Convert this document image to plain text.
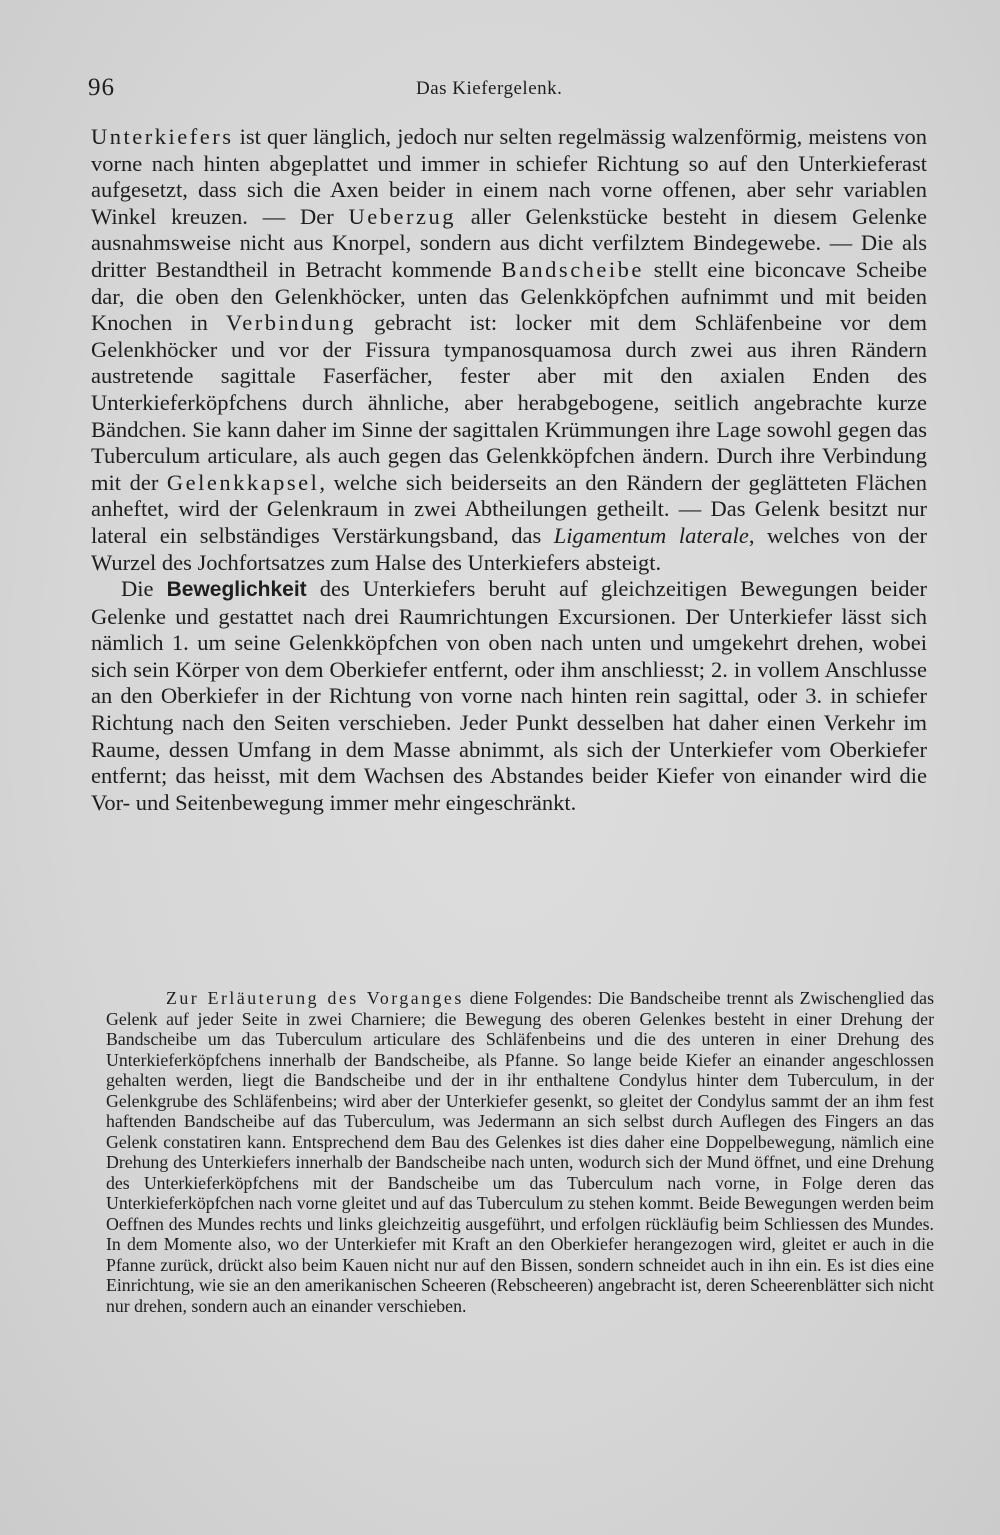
96	Das Kiefergelenk.

Unterkiefers ist quer länglich, jedoch nur selten regelmässig walzenförmig, meistens von vorne nach hinten abgeplattet und immer in schiefer Richtung so auf den Unterkieferast aufgesetzt, dass sich die Axen beider in einem nach vorne offenen, aber sehr variablen Winkel kreuzen. — Der Ueberzug aller Gelenkstücke besteht in diesem Gelenke ausnahmsweise nicht aus Knorpel, sondern aus dicht verfilztem Bindegewebe. — Die als dritter Bestandtheil in Betracht kommende Bandscheibe stellt eine biconcave Scheibe dar, die oben den Gelenkhöcker, unten das Gelenkköpfchen aufnimmt und mit beiden Knochen in Verbindung gebracht ist: locker mit dem Schläfenbeine vor dem Gelenkhöcker und vor der Fissura tympanosquamosa durch zwei aus ihren Rändern austretende sagittale Faserfächer, fester aber mit den axialen Enden des Unterkieferköpfchens durch ähnliche, aber herabgebogene, seitlich angebrachte kurze Bändchen. Sie kann daher im Sinne der sagittalen Krümmungen ihre Lage sowohl gegen das Tuberculum articulare, als auch gegen das Gelenkköpfchen ändern. Durch ihre Verbindung mit der Gelenkkapsel, welche sich beiderseits an den Rändern der geglätteten Flächen anheftet, wird der Gelenkraum in zwei Abtheilungen getheilt. — Das Gelenk besitzt nur lateral ein selbständiges Verstärkungsband, das Ligamentum laterale, welches von der Wurzel des Jochfortsatzes zum Halse des Unterkiefers absteigt.

Die Beweglichkeit des Unterkiefers beruht auf gleichzeitigen Bewegungen beider Gelenke und gestattet nach drei Raumrichtungen Excursionen. Der Unterkiefer lässt sich nämlich 1. um seine Gelenkköpfchen von oben nach unten und umgekehrt drehen, wobei sich sein Körper von dem Oberkiefer entfernt, oder ihm anschliesst; 2. in vollem Anschlusse an den Oberkiefer in der Richtung von vorne nach hinten rein sagittal, oder 3. in schiefer Richtung nach den Seiten verschieben. Jeder Punkt desselben hat daher einen Verkehr im Raume, dessen Umfang in dem Masse abnimmt, als sich der Unterkiefer vom Oberkiefer entfernt; das heisst, mit dem Wachsen des Abstandes beider Kiefer von einander wird die Vor- und Seitenbewegung immer mehr eingeschränkt.

Zur Erläuterung des Vorganges diene Folgendes: Die Bandscheibe trennt als Zwischenglied das Gelenk auf jeder Seite in zwei Charniere; die Bewegung des oberen Gelenkes besteht in einer Drehung der Bandscheibe um das Tuberculum articulare des Schläfenbeins und die des unteren in einer Drehung des Unterkieferköpfchens innerhalb der Bandscheibe, als Pfanne. So lange beide Kiefer an einander angeschlossen gehalten werden, liegt die Bandscheibe und der in ihr enthaltene Condylus hinter dem Tuberculum, in der Gelenkgrube des Schläfenbeins; wird aber der Unterkiefer gesenkt, so gleitet der Condylus sammt der an ihm fest haftenden Bandscheibe auf das Tuberculum, was Jedermann an sich selbst durch Auflegen des Fingers an das Gelenk constatiren kann. Entsprechend dem Bau des Gelenkes ist dies daher eine Doppelbewegung, nämlich eine Drehung des Unterkiefers innerhalb der Bandscheibe nach unten, wodurch sich der Mund öffnet, und eine Drehung des Unterkieferköpfchens mit der Bandscheibe um das Tuberculum nach vorne, in Folge deren das Unterkieferköpfchen nach vorne gleitet und auf das Tuberculum zu stehen kommt. Beide Bewegungen werden beim Oeffnen des Mundes rechts und links gleichzeitig ausgeführt, und erfolgen rückläufig beim Schliessen des Mundes. In dem Momente also, wo der Unterkiefer mit Kraft an den Oberkiefer herangezogen wird, gleitet er auch in die Pfanne zurück, drückt also beim Kauen nicht nur auf den Bissen, sondern schneidet auch in ihn ein. Es ist dies eine Einrichtung, wie sie an den amerikanischen Scheeren (Rebscheeren) angebracht ist, deren Scheerenblätter sich nicht nur drehen, sondern auch an einander verschieben.
